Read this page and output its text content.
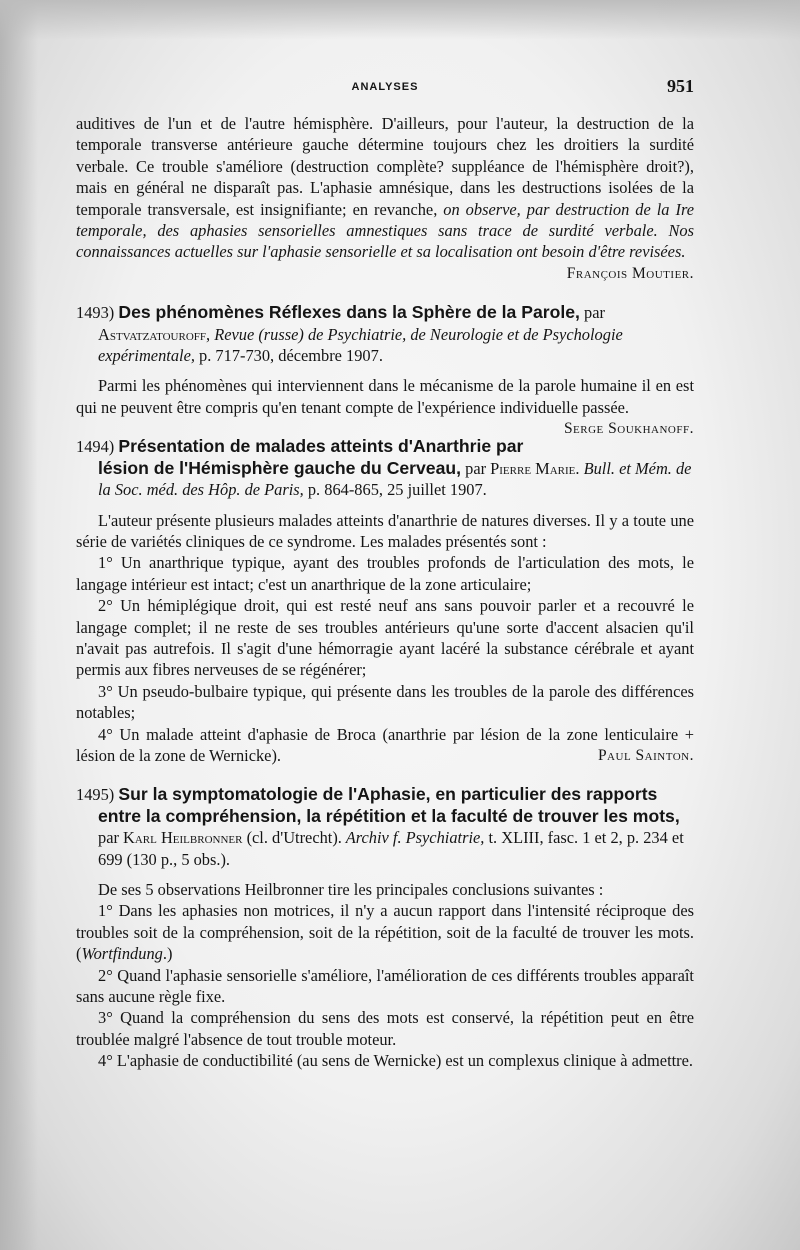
ANALYSES	951

auditives de l'un et de l'autre hémisphère. D'ailleurs, pour l'auteur, la destruction de la temporale transverse antérieure gauche détermine toujours chez les droitiers la surdité verbale. Ce trouble s'améliore (destruction complète? suppléance de l'hémisphère droit?), mais en général ne disparaît pas. L'aphasie amnésique, dans les destructions isolées de la temporale transversale, est insignifiante; en revanche, on observe, par destruction de la Ire temporale, des aphasies sensorielles amnestiques sans trace de surdité verbale. Nos connaissances actuelles sur l'aphasie sensorielle et sa localisation ont besoin d'être revisées.

François Moutier.

1493) Des phénomènes Réflexes dans la Sphère de la Parole, par Astvatzatouroff, Revue (russe) de Psychiatrie, de Neurologie et de Psychologie expérimentale, p. 717-730, décembre 1907.

Parmi les phénomènes qui interviennent dans le mécanisme de la parole humaine il en est qui ne peuvent être compris qu'en tenant compte de l'expérience individuelle passée.
Serge Soukhanoff.

1494) Présentation de malades atteints d'Anarthrie par lésion de l'Hémisphère gauche du Cerveau, par Pierre Marie. Bull. et Mém. de la Soc. méd. des Hôp. de Paris, p. 864-865, 25 juillet 1907.

L'auteur présente plusieurs malades atteints d'anarthrie de natures diverses. Il y a toute une série de variétés cliniques de ce syndrome. Les malades présentés sont :

1° Un anarthrique typique, ayant des troubles profonds de l'articulation des mots, le langage intérieur est intact; c'est un anarthrique de la zone articulaire;

2° Un hémiplégique droit, qui est resté neuf ans sans pouvoir parler et a recouvré le langage complet; il ne reste de ses troubles antérieurs qu'une sorte d'accent alsacien qu'il n'avait pas autrefois. Il s'agit d'une hémorragie ayant lacéré la substance cérébrale et ayant permis aux fibres nerveuses de se régénérer;

3° Un pseudo-bulbaire typique, qui présente dans les troubles de la parole des différences notables;

4° Un malade atteint d'aphasie de Broca (anarthrie par lésion de la zone lenticulaire + lésion de la zone de Wernicke).	Paul Sainton.

1495) Sur la symptomatologie de l'Aphasie, en particulier des rapports entre la compréhension, la répétition et la faculté de trouver les mots, par Karl Heilbronner (cl. d'Utrecht). Archiv f. Psychiatrie, t. XLIII, fasc. 1 et 2, p. 234 et 699 (130 p., 5 obs.).

De ses 5 observations Heilbronner tire les principales conclusions suivantes :

1° Dans les aphasies non motrices, il n'y a aucun rapport dans l'intensité réciproque des troubles soit de la compréhension, soit de la répétition, soit de la faculté de trouver les mots. (Wortfindung.)

2° Quand l'aphasie sensorielle s'améliore, l'amélioration de ces différents troubles apparaît sans aucune règle fixe.

3° Quand la compréhension du sens des mots est conservé, la répétition peut en être troublée malgré l'absence de tout trouble moteur.

4° L'aphasie de conductibilité (au sens de Wernicke) est un complexus clinique à admettre.
